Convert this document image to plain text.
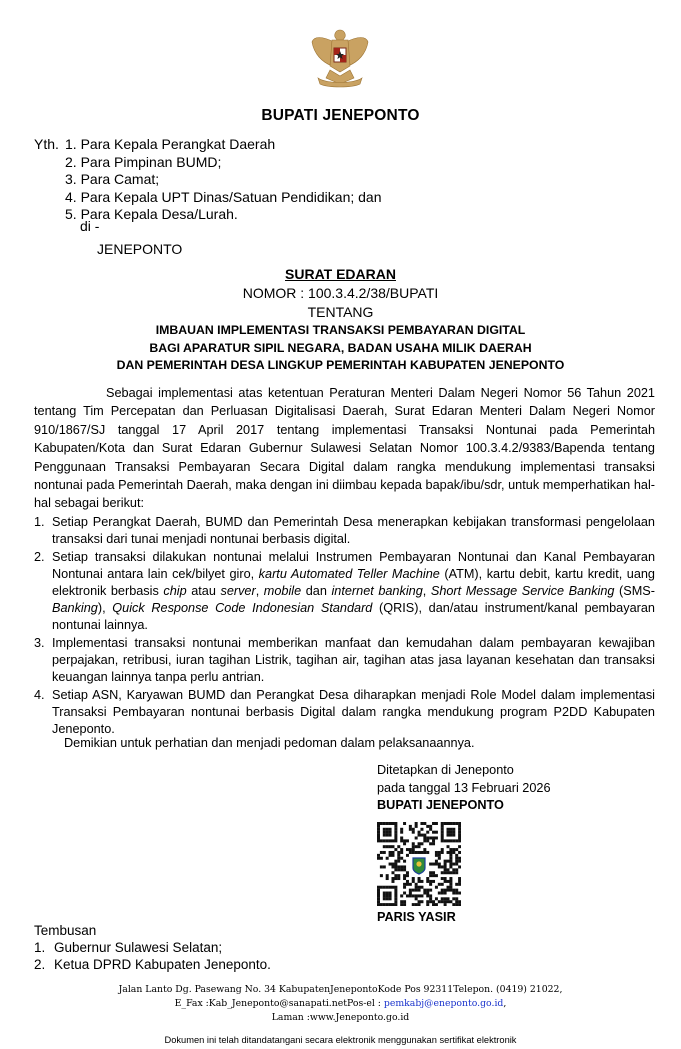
BUPATI JENEPONTO
Yth. 1. Para Kepala Perangkat Daerah
2. Para Pimpinan BUMD;
3. Para Camat;
4. Para Kepala UPT Dinas/Satuan Pendidikan; dan
5. Para Kepala Desa/Lurah.
di -
JENEPONTO
SURAT EDARAN
NOMOR : 100.3.4.2/38/BUPATI
TENTANG
IMBAUAN IMPLEMENTASI TRANSAKSI PEMBAYARAN DIGITAL
BAGI APARATUR SIPIL NEGARA, BADAN USAHA MILIK DAERAH
DAN PEMERINTAH DESA LINGKUP PEMERINTAH KABUPATEN JENEPONTO
Sebagai implementasi atas ketentuan Peraturan Menteri Dalam Negeri Nomor 56 Tahun 2021 tentang Tim Percepatan dan Perluasan Digitalisasi Daerah, Surat Edaran Menteri Dalam Negeri Nomor 910/1867/SJ tanggal 17 April 2017 tentang implementasi Transaksi Nontunai pada Pemerintah Kabupaten/Kota dan Surat Edaran Gubernur Sulawesi Selatan Nomor 100.3.4.2/9383/Bapenda tentang Penggunaan Transaksi Pembayaran Secara Digital dalam rangka mendukung implementasi transaksi nontunai pada Pemerintah Daerah, maka dengan ini diimbau kepada bapak/ibu/sdr, untuk memperhatikan hal-hal sebagai berikut:
1. Setiap Perangkat Daerah, BUMD dan Pemerintah Desa menerapkan kebijakan transformasi pengelolaan transaksi dari tunai menjadi nontunai berbasis digital.
2. Setiap transaksi dilakukan nontunai melalui Instrumen Pembayaran Nontunai dan Kanal Pembayaran Nontunai antara lain cek/bilyet giro, kartu Automated Teller Machine (ATM), kartu debit, kartu kredit, uang elektronik berbasis chip atau server, mobile dan internet banking, Short Message Service Banking (SMS-Banking), Quick Response Code Indonesian Standard (QRIS), dan/atau instrument/kanal pembayaran nontunai lainnya.
3. Implementasi transaksi nontunai memberikan manfaat dan kemudahan dalam pembayaran kewajiban perpajakan, retribusi, iuran tagihan Listrik, tagihan air, tagihan atas jasa layanan kesehatan dan transaksi keuangan lainnya tanpa perlu antrian.
4. Setiap ASN, Karyawan BUMD dan Perangkat Desa diharapkan menjadi Role Model dalam implementasi Transaksi Pembayaran nontunai berbasis Digital dalam rangka mendukung program P2DD Kabupaten Jeneponto.
Demikian untuk perhatian dan menjadi pedoman dalam pelaksanaannya.
Ditetapkan di Jeneponto
pada tanggal 13 Februari 2026
BUPATI JENEPONTO
PARIS YASIR
Tembusan
1. Gubernur Sulawesi Selatan;
2. Ketua DPRD Kabupaten Jeneponto.
Jalan Lanto Dg. Pasewang No. 34 KabupatenJenepontoKode Pos 92311Telepon. (0419) 21022,
E_Fax :Kab_Jeneponto@sanapati.netPos-el : pemkabj@eneponto.go.id,
Laman :www.Jeneponto.go.id
Dokumen ini telah ditandatangani secara elektronik menggunakan sertifikat elektronik
